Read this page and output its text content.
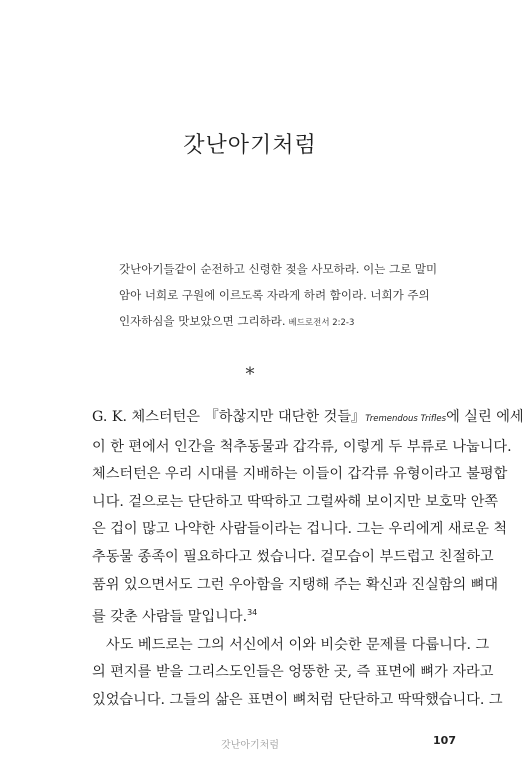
갓난아기처럼
갓난아기들같이 순전하고 신령한 젖을 사모하라. 이는 그로 말미
암아 너희로 구원에 이르도록 자라게 하려 함이라. 너희가 주의
인자하심을 맛보았으면 그리하라. 베드로전서 2:2-3
*
G. K. 체스터턴은 『하찮지만 대단한 것들』Tremendous Trifles에 실린 에세
이 한 편에서 인간을 척추동물과 갑각류, 이렇게 두 부류로 나눕니다.
체스터턴은 우리 시대를 지배하는 이들이 갑각류 유형이라고 불평합
니다. 겉으로는 단단하고 딱딱하고 그럴싸해 보이지만 보호막 안쪽
은 겁이 많고 나약한 사람들이라는 겁니다. 그는 우리에게 새로운 척
추동물 종족이 필요하다고 썼습니다. 겉모습이 부드럽고 친절하고
품위 있으면서도 그런 우아함을 지탱해 주는 확신과 진실함의 뼈대
를 갖춘 사람들 말입니다.$^{34}$
사도 베드로는 그의 서신에서 이와 비슷한 문제를 다룹니다. 그
의 편지를 받을 그리스도인들은 엉뚱한 곳, 즉 표면에 뼈가 자라고
있었습니다. 그들의 삶은 표면이 뼈처럼 단단하고 딱딱했습니다. 그
갓난아기처럼	107
